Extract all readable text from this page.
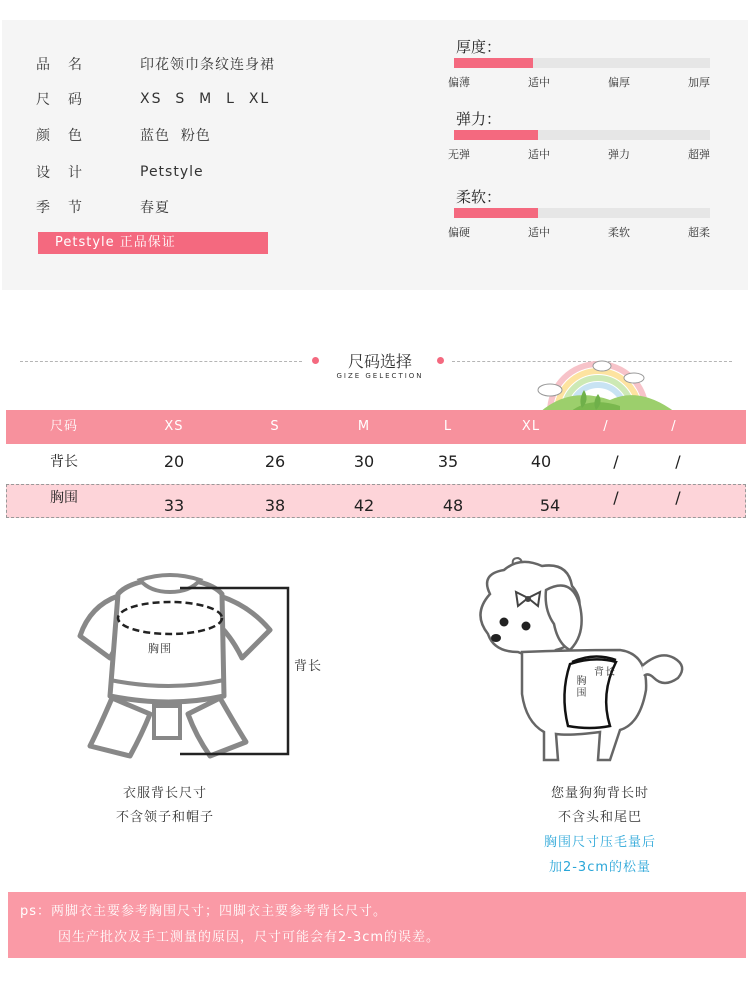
品名	印花领巾条纹连身裙
尺码	XS  S  M  L  XL
颜色	蓝色  粉色
设计	Petstyle
季节	春夏
Petstyle 正品保证
厚度：
偏薄	适中	偏厚	加厚
弹力：
无弹	适中	弹力	超弹
柔软：
偏硬	适中	柔软	超柔
尺码选择
GIZE GELECTION
尺码	XS	S	M	L	XL	/	/
背长	20	26	30	35	40	/	/
胸围	33	38	42	48	54	/	/
胸围
背长
衣服背长尺寸
不含领子和帽子
背长
胸围
您量狗狗背长时
不含头和尾巴
胸围尺寸压毛量后
加2-3cm的松量
ps：两脚衣主要参考胸围尺寸；四脚衣主要参考背长尺寸。
因生产批次及手工测量的原因，尺寸可能会有2-3cm的误差。
